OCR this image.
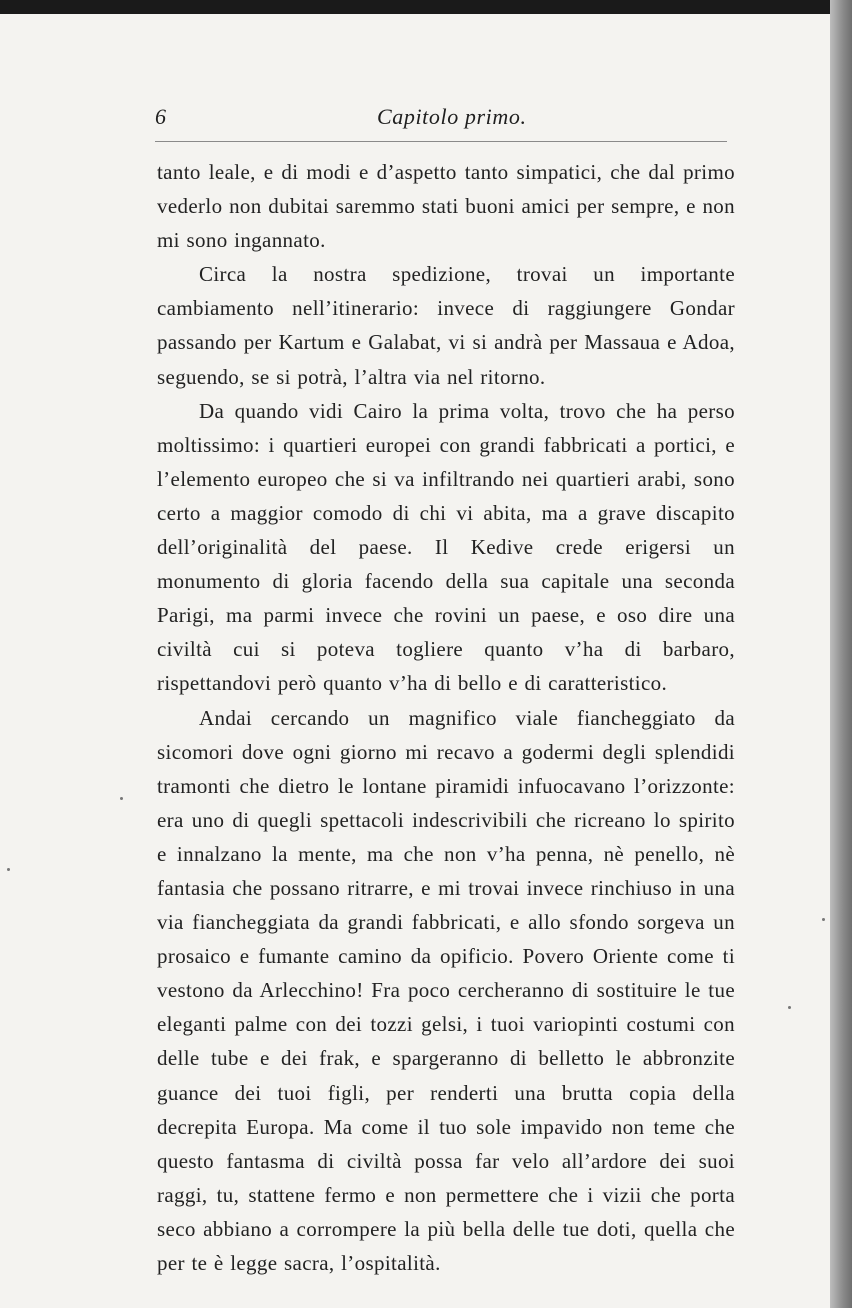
6	Capitolo primo.

tanto leale, e di modi e d’aspetto tanto simpatici, che dal primo vederlo non dubitai saremmo stati buoni amici per sempre, e non mi sono ingannato.

Circa la nostra spedizione, trovai un importante cambiamento nell’itinerario: invece di raggiungere Gondar passando per Kartum e Galabat, vi si andrà per Massaua e Adoa, seguendo, se si potrà, l’altra via nel ritorno.

Da quando vidi Cairo la prima volta, trovo che ha perso moltissimo: i quartieri europei con grandi fabbricati a portici, e l’elemento europeo che si va infiltrando nei quartieri arabi, sono certo a maggior comodo di chi vi abita, ma a grave discapito dell’originalità del paese. Il Kedive crede erigersi un monumento di gloria facendo della sua capitale una seconda Parigi, ma parmi invece che rovini un paese, e oso dire una civiltà cui si poteva togliere quanto v’ha di barbaro, rispettandovi però quanto v’ha di bello e di caratteristico.

Andai cercando un magnifico viale fiancheggiato da sicomori dove ogni giorno mi recavo a godermi degli splendidi tramonti che dietro le lontane piramidi infuocavano l’orizzonte: era uno di quegli spettacoli indescrivibili che ricreano lo spirito e innalzano la mente, ma che non v’ha penna, nè penello, nè fantasia che possano ritrarre, e mi trovai invece rinchiuso in una via fiancheggiata da grandi fabbricati, e allo sfondo sorgeva un prosaico e fumante camino da opificio. Povero Oriente come ti vestono da Arlecchino! Fra poco cercheranno di sostituire le tue eleganti palme con dei tozzi gelsi, i tuoi variopinti costumi con delle tube e dei frak, e spargeranno di belletto le abbronzite guance dei tuoi figli, per renderti una brutta copia della decrepita Europa. Ma come il tuo sole impavido non teme che questo fantasma di civiltà possa far velo all’ardore dei suoi raggi, tu, stattene fermo e non permettere che i vizii che porta seco abbiano a corrompere la più bella delle tue doti, quella che per te è legge sacra, l’ospitalità.
